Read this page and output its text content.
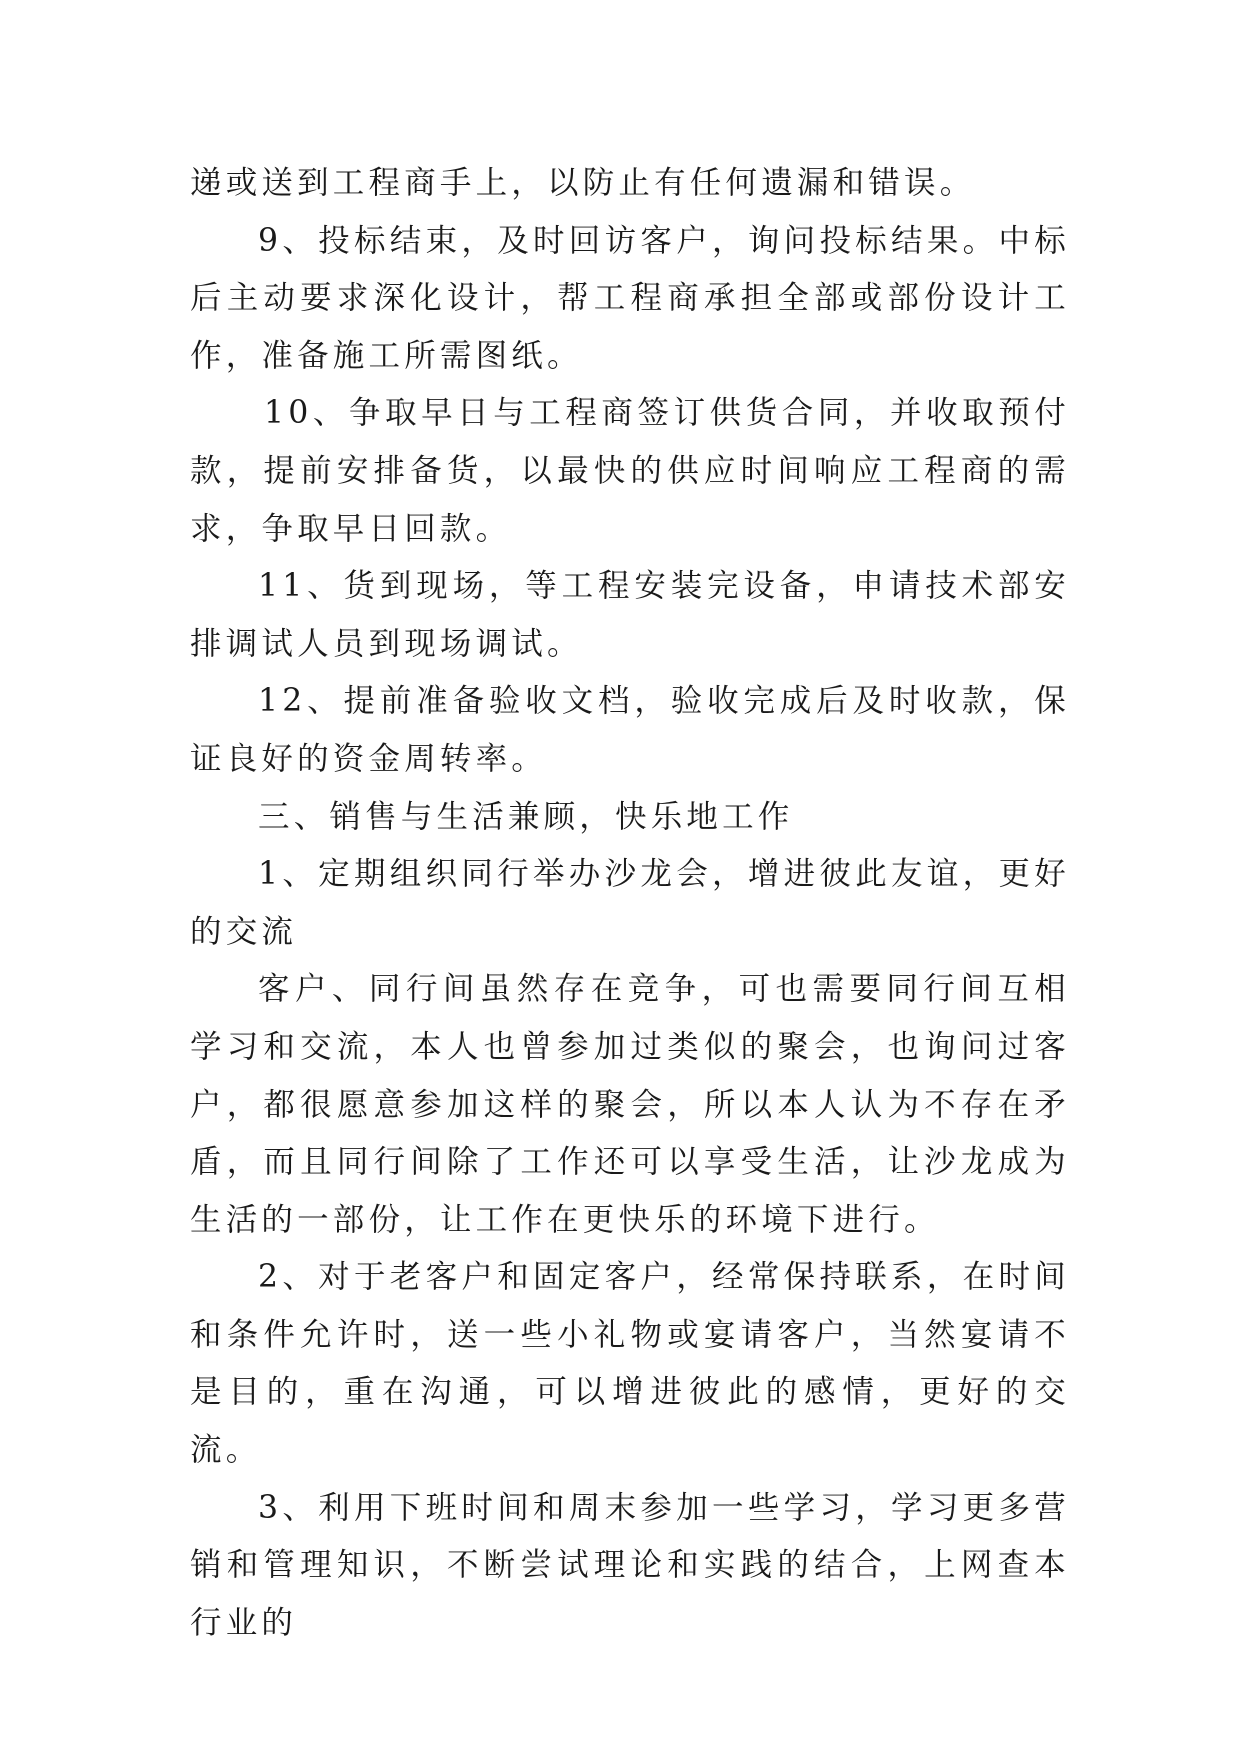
递或送到工程商手上，以防止有任何遗漏和错误。

9、投标结束，及时回访客户，询问投标结果。中标后主动要求深化设计，帮工程商承担全部或部份设计工作，准备施工所需图纸。

10、争取早日与工程商签订供货合同，并收取预付款，提前安排备货，以最快的供应时间响应工程商的需求，争取早日回款。

11、货到现场，等工程安装完设备，申请技术部安排调试人员到现场调试。

12、提前准备验收文档，验收完成后及时收款，保证良好的资金周转率。

三、销售与生活兼顾，快乐地工作

1、定期组织同行举办沙龙会，增进彼此友谊，更好的交流

客户、同行间虽然存在竞争，可也需要同行间互相学习和交流，本人也曾参加过类似的聚会，也询问过客户，都很愿意参加这样的聚会，所以本人认为不存在矛盾，而且同行间除了工作还可以享受生活，让沙龙成为生活的一部份，让工作在更快乐的环境下进行。

2、对于老客户和固定客户，经常保持联系，在时间和条件允许时，送一些小礼物或宴请客户，当然宴请不是目的，重在沟通，可以增进彼此的感情，更好的交流。

3、利用下班时间和周末参加一些学习，学习更多营销和管理知识，不断尝试理论和实践的结合，上网查本行业的
